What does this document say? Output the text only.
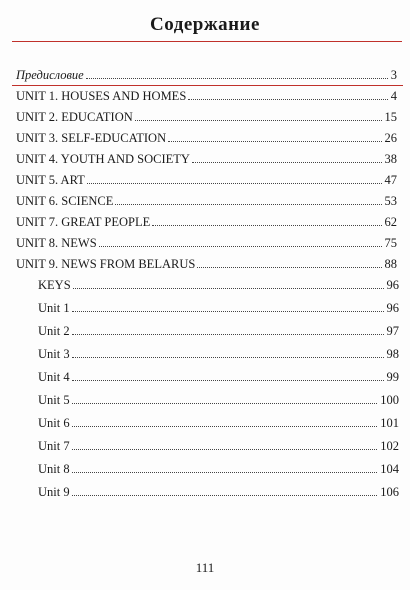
Содержание
Предисловие	3
UNIT 1. HOUSES AND HOMES	4
UNIT 2. EDUCATION	15
UNIT 3. SELF-EDUCATION	26
UNIT 4. YOUTH AND SOCIETY	38
UNIT 5. ART	47
UNIT 6. SCIENCE	53
UNIT 7. GREAT PEOPLE	62
UNIT 8. NEWS	75
UNIT 9. NEWS FROM BELARUS	88
KEYS	96
Unit 1	96
Unit 2	97
Unit 3	98
Unit 4	99
Unit 5	100
Unit 6	101
Unit 7	102
Unit 8	104
Unit 9	106
111
